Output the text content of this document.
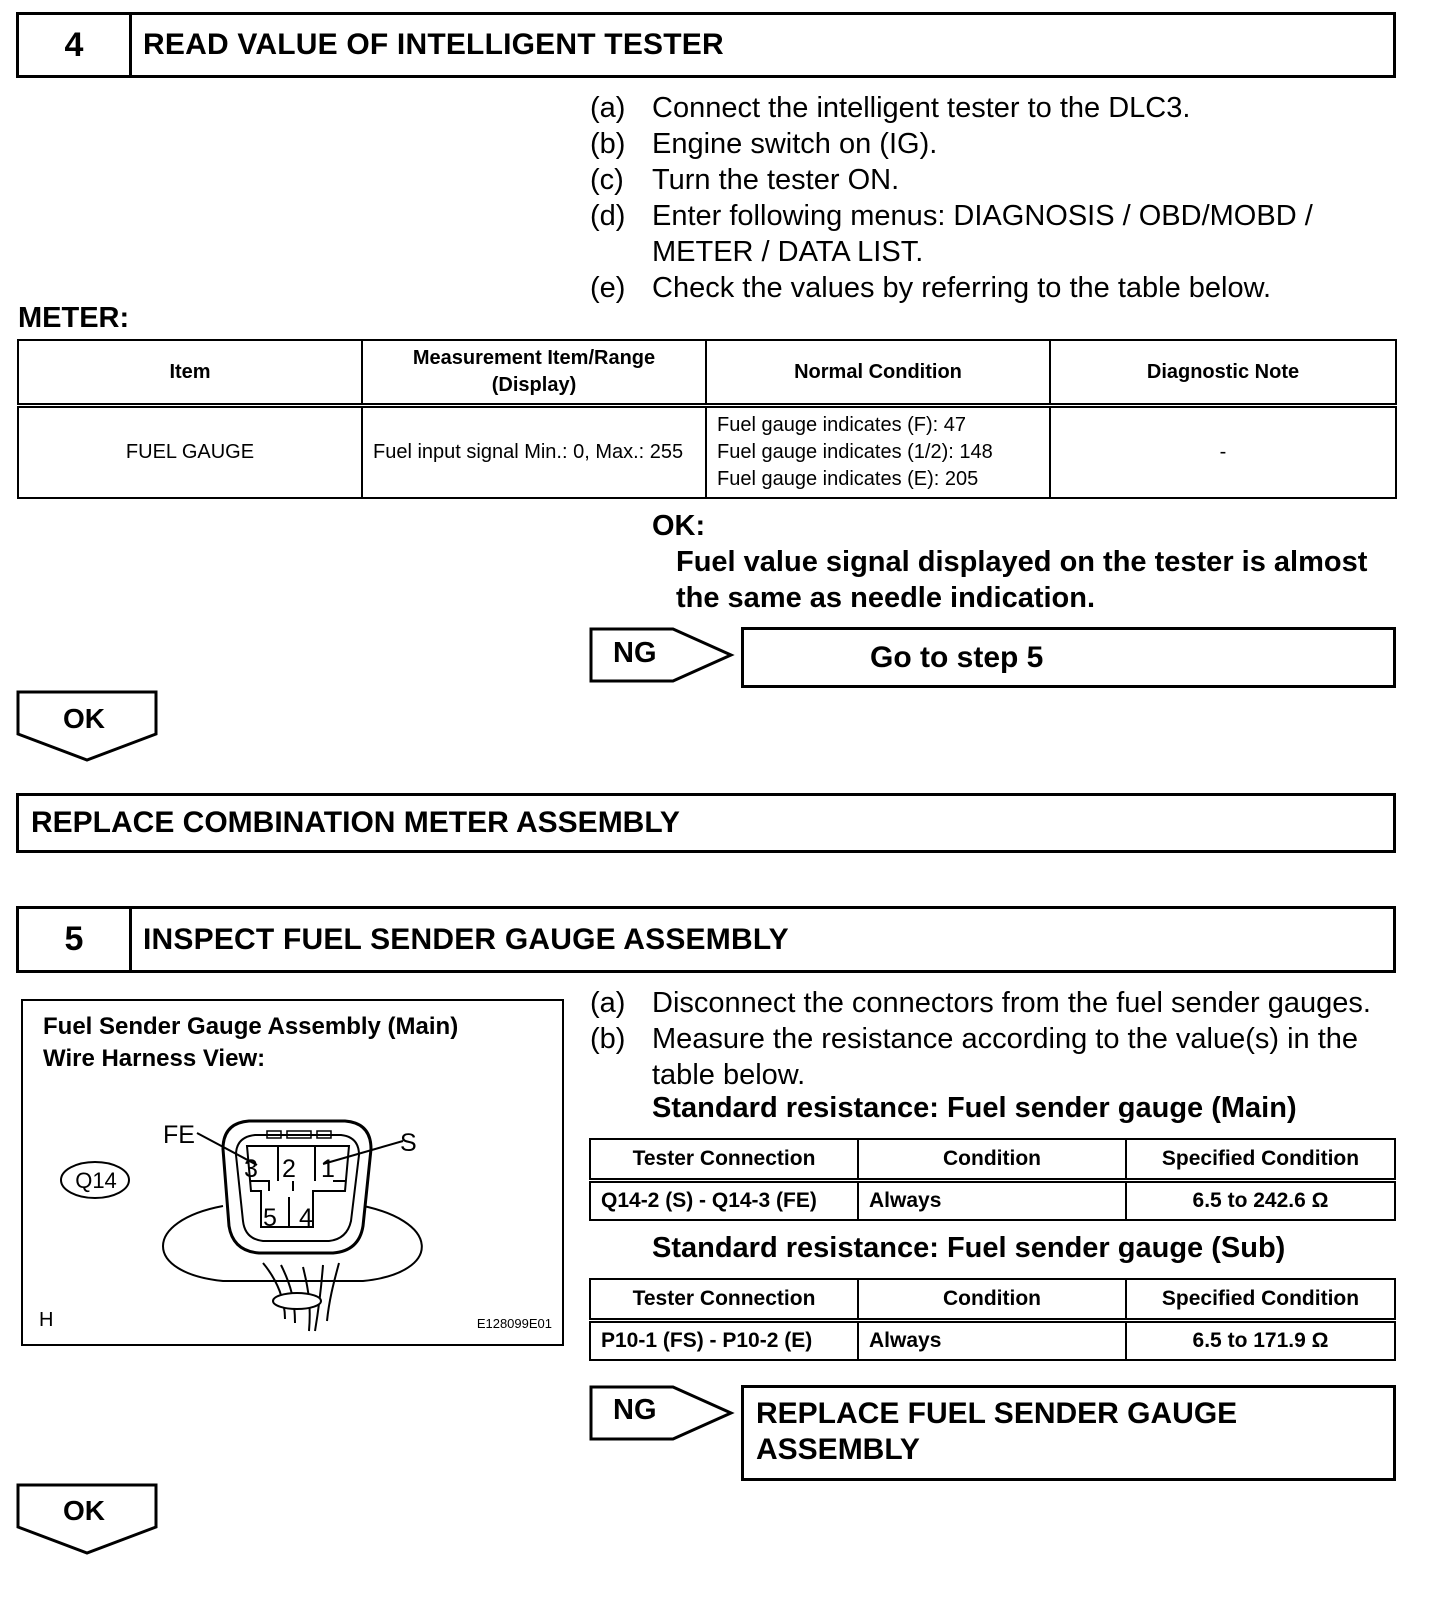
4	READ VALUE OF INTELLIGENT TESTER
(a) Connect the intelligent tester to the DLC3.
(b) Engine switch on (IG).
(c) Turn the tester ON.
(d) Enter following menus: DIAGNOSIS / OBD/MOBD / METER / DATA LIST.
(e) Check the values by referring to the table below.
METER:
Item	Measurement Item/Range (Display)	Normal Condition	Diagnostic Note
FUEL GAUGE	Fuel input signal Min.: 0, Max.: 255	Fuel gauge indicates (F): 47
Fuel gauge indicates (1/2): 148
Fuel gauge indicates (E): 205	-
OK:
Fuel value signal displayed on the tester is almost the same as needle indication.
NG	Go to step 5
OK
REPLACE COMBINATION METER ASSEMBLY
5	INSPECT FUEL SENDER GAUGE ASSEMBLY
Fuel Sender Gauge Assembly (Main)
Wire Harness View:
Q14
FE	S
3 2 1
5 4
H	E128099E01
(a) Disconnect the connectors from the fuel sender gauges.
(b) Measure the resistance according to the value(s) in the table below.
Standard resistance: Fuel sender gauge (Main)
Tester Connection	Condition	Specified Condition
Q14-2 (S) - Q14-3 (FE)	Always	6.5 to 242.6 Ω
Standard resistance: Fuel sender gauge (Sub)
Tester Connection	Condition	Specified Condition
P10-1 (FS) - P10-2 (E)	Always	6.5 to 171.9 Ω
NG	REPLACE FUEL SENDER GAUGE ASSEMBLY
OK
